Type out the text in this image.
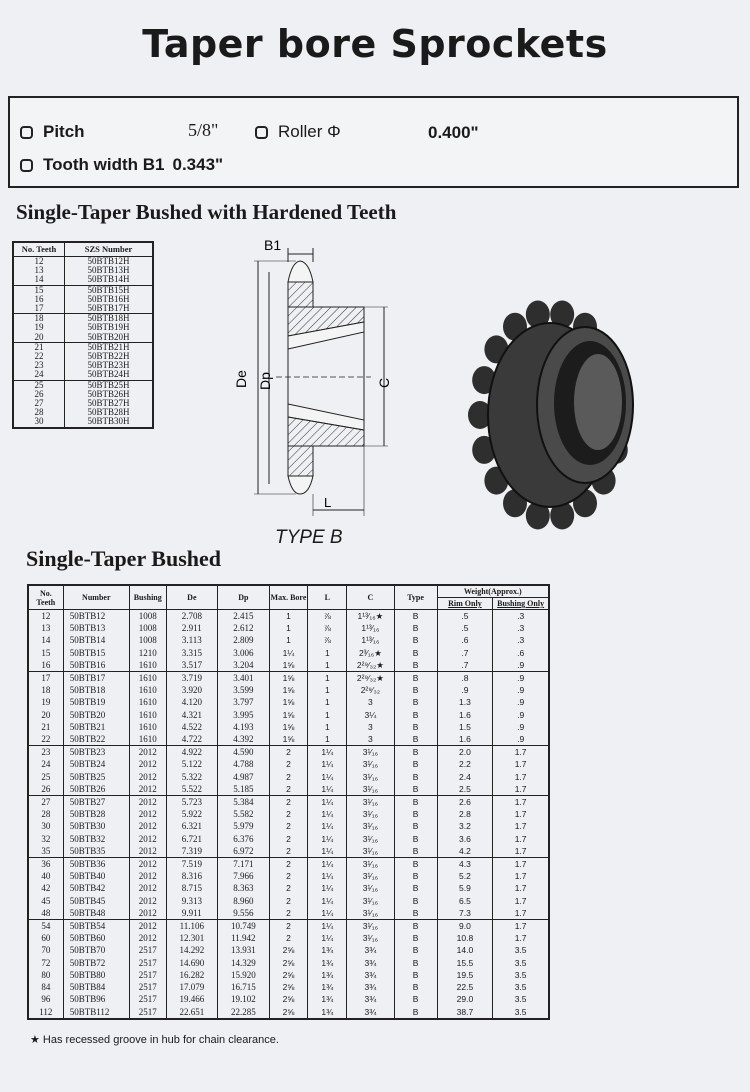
Taper bore Sprockets
Pitch	5/8"	Roller Φ	0.400"
Tooth width B1 0.343"
Single-Taper Bushed with Hardened Teeth
No. Teeth	SZS Number
12	50BTB12H
13	50BTB13H
14	50BTB14H
15	50BTB15H
16	50BTB16H
17	50BTB17H
18	50BTB18H
19	50BTB19H
20	50BTB20H
21	50BTB21H
22	50BTB22H
23	50BTB23H
24	50BTB24H
25	50BTB25H
26	50BTB26H
27	50BTB27H
28	50BTB28H
30	50BTB30H
B1
De Dp	C
L
TYPE B
Single-Taper Bushed
No. Teeth	Number	Bushing	De	Dp	Max. Bore	L	C	Type	Weight(Approx.)	
									Rim Only	Bushing Only
12	50BTB12	1008	2.708	2.415	1	⅞	1¹³⁄₁₆★	B	.5	.3
13	50BTB13	1008	2.911	2.612	1	⅞	1¹³⁄₁₆	B	.5	.3
14	50BTB14	1008	3.113	2.809	1	⅞	1¹³⁄₁₆	B	.6	.3
15	50BTB15	1210	3.315	3.006	1¼	1	2³⁄₁₆★	B	.7	.6
16	50BTB16	1610	3.517	3.204	1⅝	1	2²⁹⁄₃₂★	B	.7	.9
17	50BTB17	1610	3.719	3.401	1⅝	1	2²⁹⁄₃₂★	B	.8	.9
18	50BTB18	1610	3.920	3.599	1⅝	1	2²⁹⁄₃₂	B	.9	.9
19	50BTB19	1610	4.120	3.797	1⅝	1	3	B	1.3	.9
20	50BTB20	1610	4.321	3.995	1⅝	1	3¼	B	1.6	.9
21	50BTB21	1610	4.522	4.193	1⅝	1	3	B	1.5	.9
22	50BTB22	1610	4.722	4.392	1⅝	1	3	B	1.6	.9
23	50BTB23	2012	4.922	4.590	2	1¼	3¹⁄₁₆	B	2.0	1.7
24	50BTB24	2012	5.122	4.788	2	1¼	3¹⁄₁₆	B	2.2	1.7
25	50BTB25	2012	5.322	4.987	2	1¼	3¹⁄₁₆	B	2.4	1.7
26	50BTB26	2012	5.522	5.185	2	1¼	3¹⁄₁₆	B	2.5	1.7
27	50BTB27	2012	5.723	5.384	2	1¼	3¹⁄₁₆	B	2.6	1.7
28	50BTB28	2012	5.922	5.582	2	1¼	3¹⁄₁₆	B	2.8	1.7
30	50BTB30	2012	6.321	5.979	2	1¼	3¹⁄₁₆	B	3.2	1.7
32	50BTB32	2012	6.721	6.376	2	1¼	3¹⁄₁₆	B	3.6	1.7
35	50BTB35	2012	7.319	6.972	2	1¼	3¹⁄₁₆	B	4.2	1.7
36	50BTB36	2012	7.519	7.171	2	1¼	3¹⁄₁₆	B	4.3	1.7
40	50BTB40	2012	8.316	7.966	2	1¼	3¹⁄₁₆	B	5.2	1.7
42	50BTB42	2012	8.715	8.363	2	1¼	3¹⁄₁₆	B	5.9	1.7
45	50BTB45	2012	9.313	8.960	2	1¼	3¹⁄₁₆	B	6.5	1.7
48	50BTB48	2012	9.911	9.556	2	1¼	3¹⁄₁₆	B	7.3	1.7
54	50BTB54	2012	11.106	10.749	2	1¼	3¹⁄₁₆	B	9.0	1.7
60	50BTB60	2012	12.301	11.942	2	1¼	3¹⁄₁₆	B	10.8	1.7
70	50BTB70	2517	14.292	13.931	2⅝	1¾	3¾	B	14.0	3.5
72	50BTB72	2517	14.690	14.329	2⅝	1¾	3¾	B	15.5	3.5
80	50BTB80	2517	16.282	15.920	2⅝	1¾	3¾	B	19.5	3.5
84	50BTB84	2517	17.079	16.715	2⅝	1¾	3¾	B	22.5	3.5
96	50BTB96	2517	19.466	19.102	2⅝	1¾	3¾	B	29.0	3.5
112	50BTB112	2517	22.651	22.285	2⅝	1¾	3¾	B	38.7	3.5
★ Has recessed groove in hub for chain clearance.
